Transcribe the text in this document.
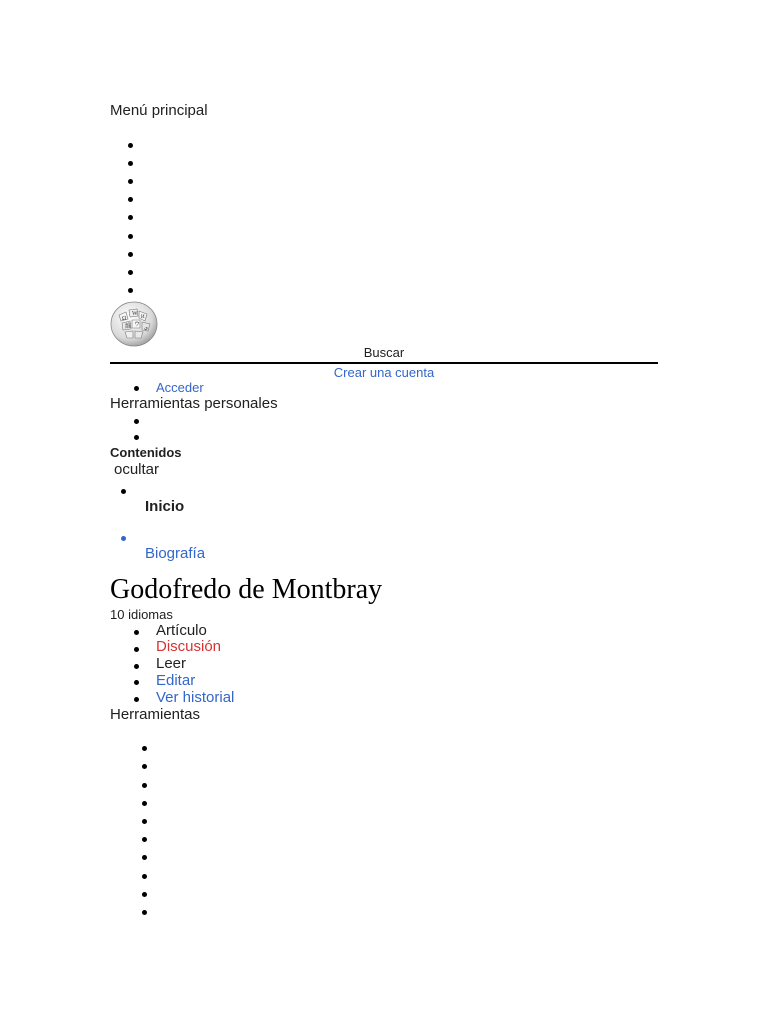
Menú principal
Ω
W
И
維 ウ
ي
Buscar
Crear una cuenta
Acceder
Herramientas personales
Contenidos
ocultar
Inicio
Biografía
Godofredo de Montbray
10 idiomas
Artículo
Discusión
Leer
Editar
Ver historial
Herramientas
